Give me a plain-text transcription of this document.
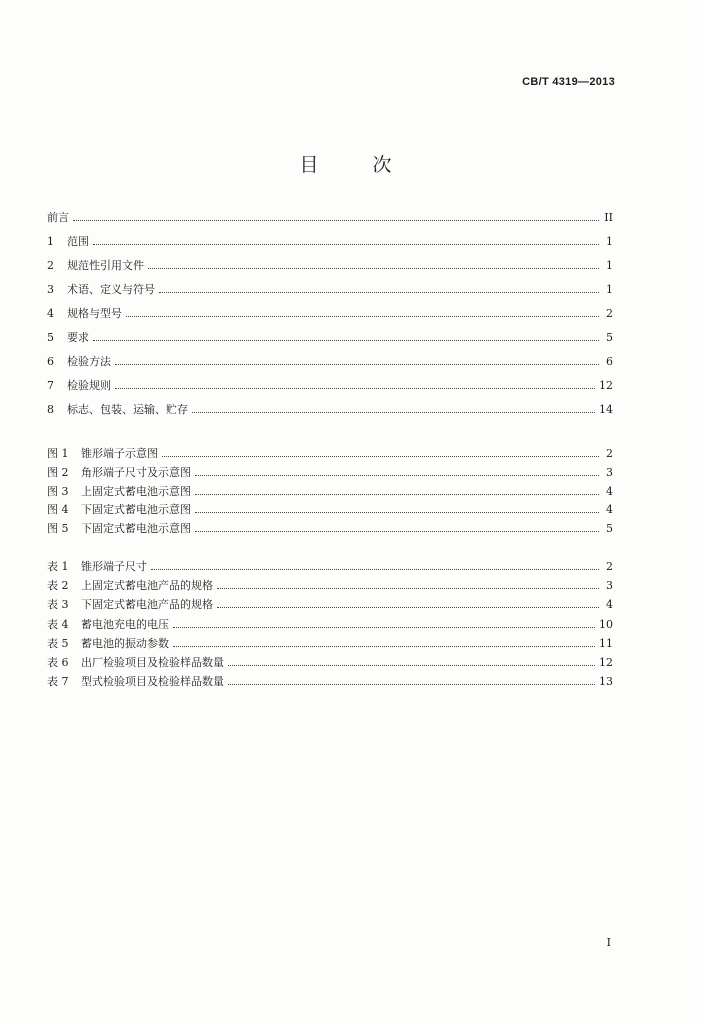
CB/T 4319—2013
目 次
前言	II
1 范围	1
2 规范性引用文件	1
3 术语、定义与符号	1
4 规格与型号	2
5 要求	5
6 检验方法	6
7 检验规则	12
8 标志、包装、运输、贮存	14
图 1 锥形端子示意图	2
图 2 角形端子尺寸及示意图	3
图 3 上固定式蓄电池示意图	4
图 4 下固定式蓄电池示意图	4
图 5 下固定式蓄电池示意图	5
表 1 锥形端子尺寸	2
表 2 上固定式蓄电池产品的规格	3
表 3 下固定式蓄电池产品的规格	4
表 4 蓄电池充电的电压	10
表 5 蓄电池的振动参数	11
表 6 出厂检验项目及检验样品数量	12
表 7 型式检验项目及检验样品数量	13
I
